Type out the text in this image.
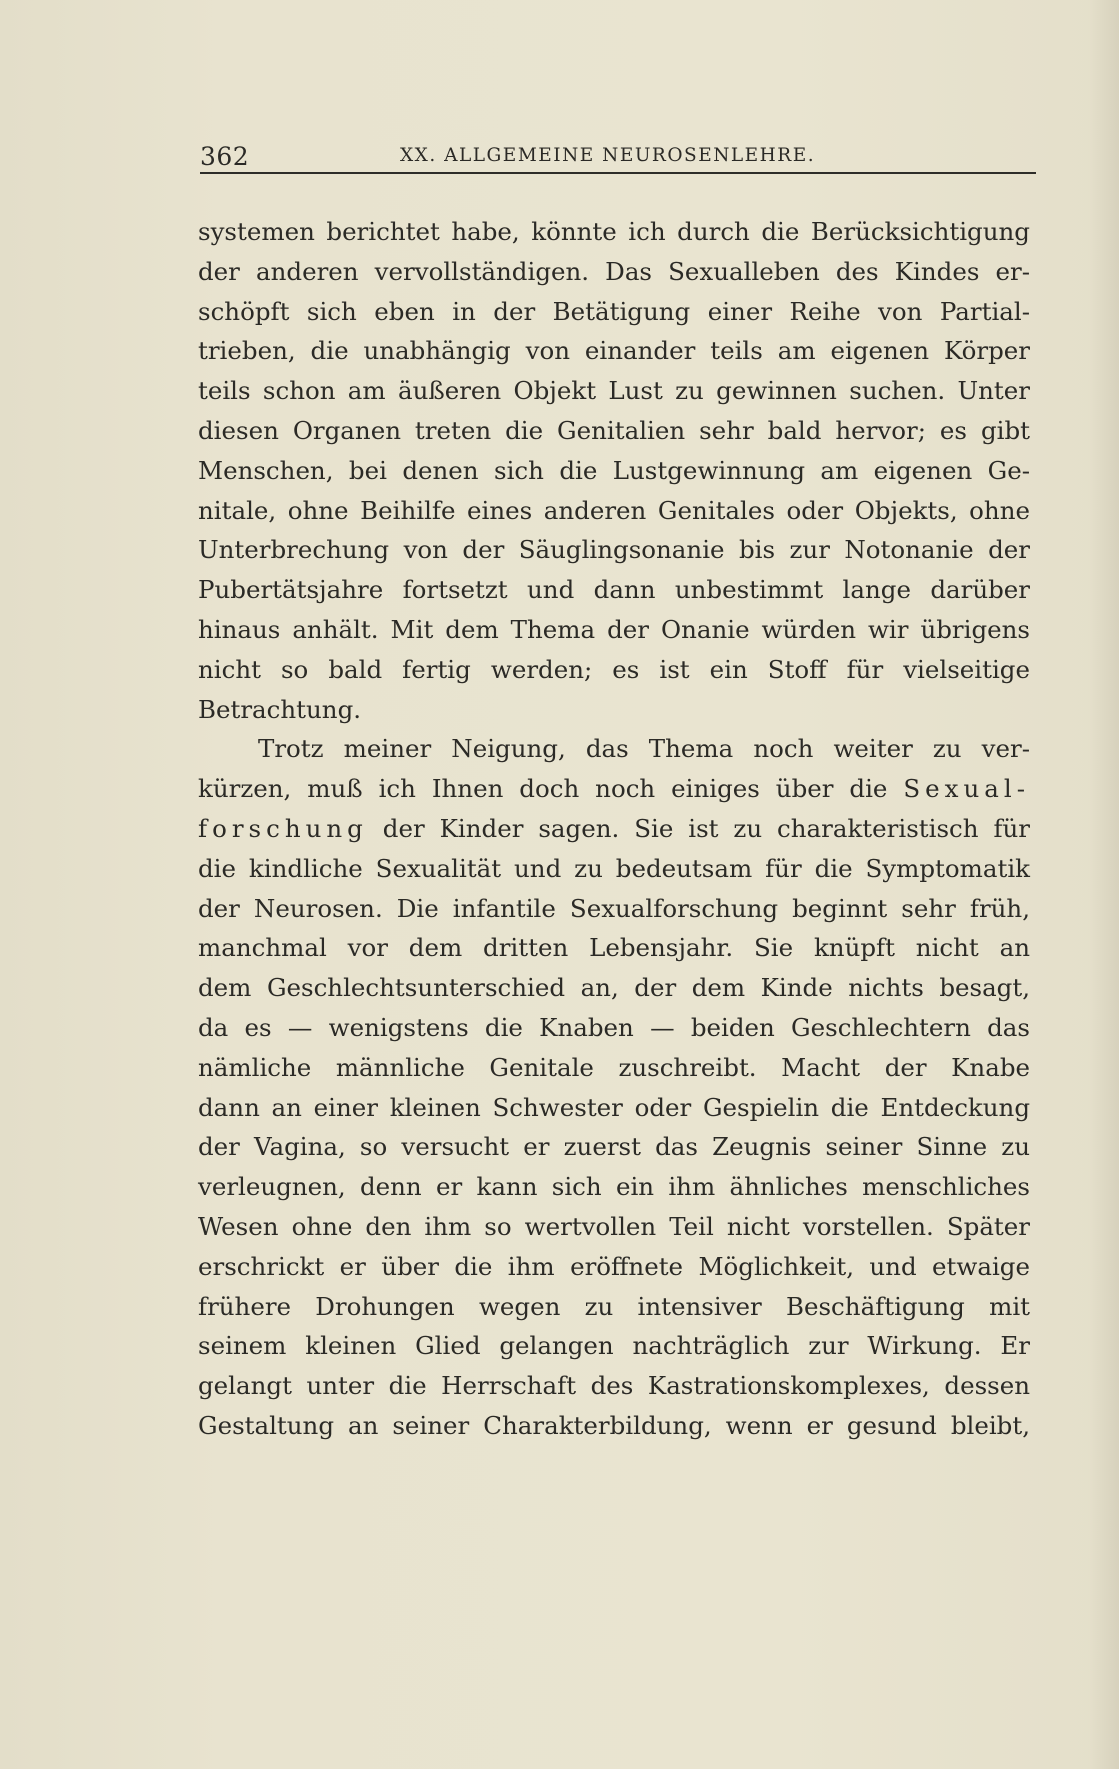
362	XX. ALLGEMEINE NEUROSENLEHRE.
systemen berichtet habe, könnte ich durch die Berücksichtigung
der anderen vervollständigen. Das Sexualleben des Kindes er-
schöpft sich eben in der Betätigung einer Reihe von Partial-
trieben, die unabhängig von einander teils am eigenen Körper
teils schon am äußeren Objekt Lust zu gewinnen suchen. Unter
diesen Organen treten die Genitalien sehr bald hervor; es gibt
Menschen, bei denen sich die Lustgewinnung am eigenen Ge-
nitale, ohne Beihilfe eines anderen Genitales oder Objekts, ohne
Unterbrechung von der Säuglingsonanie bis zur Notonanie der
Pubertätsjahre fortsetzt und dann unbestimmt lange darüber
hinaus anhält. Mit dem Thema der Onanie würden wir übrigens
nicht so bald fertig werden; es ist ein Stoff für vielseitige
Betrachtung.
Trotz meiner Neigung, das Thema noch weiter zu ver-
kürzen, muß ich Ihnen doch noch einiges über die Sexual-
forschung der Kinder sagen. Sie ist zu charakteristisch für
die kindliche Sexualität und zu bedeutsam für die Symptomatik
der Neurosen. Die infantile Sexualforschung beginnt sehr früh,
manchmal vor dem dritten Lebensjahr. Sie knüpft nicht an
dem Geschlechtsunterschied an, der dem Kinde nichts besagt,
da es — wenigstens die Knaben — beiden Geschlechtern das
nämliche männliche Genitale zuschreibt. Macht der Knabe
dann an einer kleinen Schwester oder Gespielin die Entdeckung
der Vagina, so versucht er zuerst das Zeugnis seiner Sinne zu
verleugnen, denn er kann sich ein ihm ähnliches menschliches
Wesen ohne den ihm so wertvollen Teil nicht vorstellen. Später
erschrickt er über die ihm eröffnete Möglichkeit, und etwaige
frühere Drohungen wegen zu intensiver Beschäftigung mit
seinem kleinen Glied gelangen nachträglich zur Wirkung. Er
gelangt unter die Herrschaft des Kastrationskomplexes, dessen
Gestaltung an seiner Charakterbildung, wenn er gesund bleibt,
